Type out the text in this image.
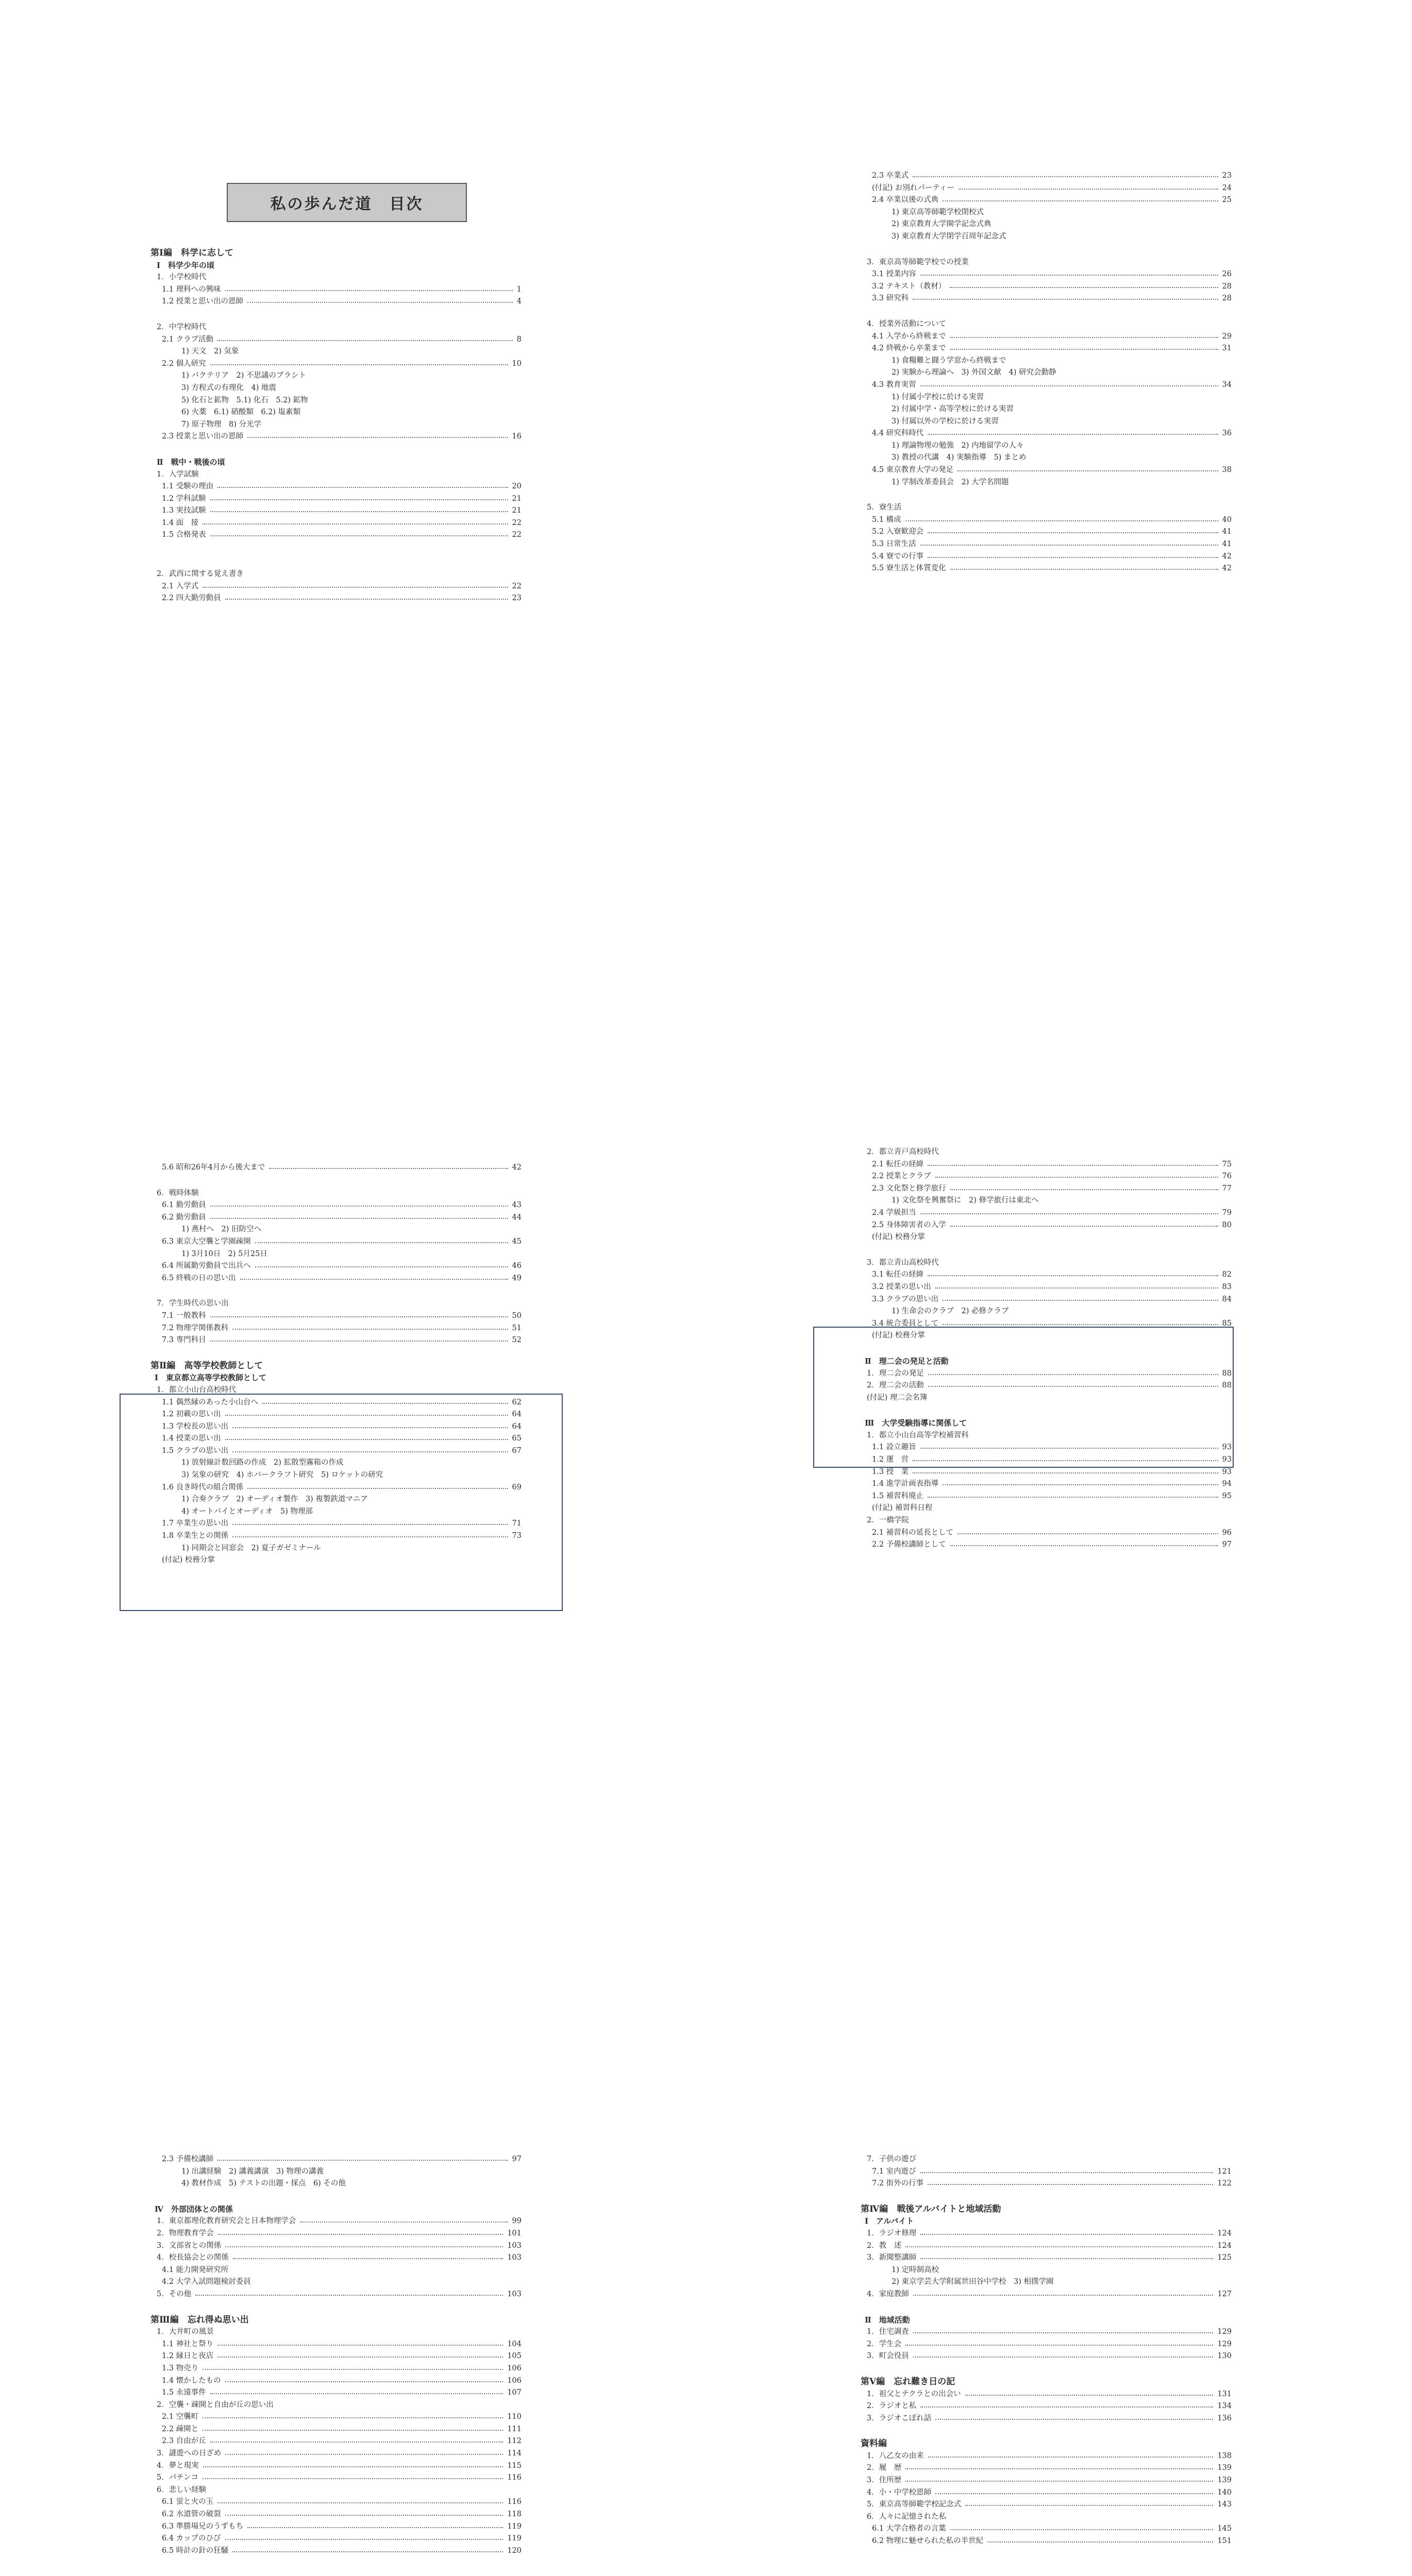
私の歩んだ道　目次
第Ⅰ編　科学に志して
Ⅰ　科学少年の頃
1．小学校時代
1.1 理科への興味	1
1.2 授業と思い出の恩師	4
2．中学校時代
2.1 クラブ活動	8
1) 天文　2) 気象
2.2 個人研究	10
1) バクテリア　2) 不思議のプラシト
3) 方程式の有理化　4) 地震
5) 化石と鉱物　5.1) 化石　5.2) 鉱物
6) 火薬　6.1) 硝酸類　6.2) 塩素類
7) 原子物理　8) 分光学
2.3 授業と思い出の恩師	16
Ⅱ　戦中・戦後の頃
1．入学試験
1.1 受験の理由	20
1.2 学科試験	21
1.3 実技試験	21
1.4 面　接	22
1.5 合格発表	22
2．武西に関する覚え書き
2.1 入学式	22
2.2 四大勤労動員	23
2.3 卒業式	23
(付記) お別れパーティー	24
2.4 卒業以後の式典	25
1) 東京高等師範学校閉校式
2) 東京教育大学開学記念式典
3) 東京教育大学閉学百周年記念式
3．東京高等師範学校での授業
3.1 授業内容	26
3.2 テキスト（教材）	28
3.3 研究科	28
4．授業外活動について
4.1 入学から終戦まで	29
4.2 終戦から卒業まで	31
1) 食糧難と闘う学窓から終戦まで
2) 実験から理論へ　3) 外国文献　4) 研究会動静
4.3 教育実習	34
1) 付属小学校に於ける実習
2) 付属中学・高等学校に於ける実習
3) 付属以外の学校に於ける実習
4.4 研究科時代	36
1) 理論物理の勉強　2) 内地留学の人々
3) 教授の代講　4) 実験指導　5) まとめ
4.5 東京教育大学の発足	38
1) 学制改革委員会　2) 大学名問題
5．寮生活
5.1 構成	40
5.2 入寮歓迎会	41
5.3 日常生活	41
5.4 寮での行事	42
5.5 寮生活と体質変化	42
5.6 昭和26年4月から後大まで	42
6．戦時体験
6.1 勤労動員	43
6.2 勤労動員	44
1) 燕村へ　2) 旧防空へ
6.3 東京大空襲と学園疎開	45
1) 3月10日　2) 5月25日
6.4 所属勤労動員で出兵へ	46
6.5 終戦の日の思い出	49
7．学生時代の思い出
7.1 一般教科	50
7.2 物理学関係教科	51
7.3 専門科目	52
第Ⅱ編　高等学校教師として
Ⅰ　東京都立高等学校教師として
1．都立小山台高校時代
1.1 偶然縁のあった小山台へ	62
1.2 初載の思い出	64
1.3 学校長の思い出	64
1.4 授業の思い出	65
1.5 クラブの思い出	67
1) 放射線計数回路の作成　2) 拡散型霧箱の作成
3) 気象の研究　4) ホバークラフト研究　5) ロケットの研究
1.6 良き時代の組合関係	69
1) 合奏クラブ　2) オーディオ製作　3) 複製鉄道マニア
4) オートバイとオーディオ　5) 物理部
1.7 卒業生の思い出	71
1.8 卒業生との関係	73
1) 同期会と同窓会　2) 夏子ガゼミナール
(付記) 校務分掌
2．都立青戸高校時代
2.1 転任の経緯	75
2.2 授業とクラブ	76
2.3 文化祭と修学旅行	77
1) 文化祭を興奮祭に　2) 修学旅行は東北へ
2.4 学級担当	79
2.5 身体障害者の入学	80
(付記) 校務分掌
3．都立青山高校時代
3.1 転任の経緯	82
3.2 授業の思い出	83
3.3 クラブの思い出	84
1) 生命会のクラブ　2) 必修クラブ
3.4 統合委員として	85
(付記) 校務分掌
Ⅱ　理二会の発足と活動
1．理二会の発足	88
2．理二会の活動	88
(付記) 理二会名簿
Ⅲ　大学受験指導に関係して
1．都立小山台高等学校補習科
1.1 設立趣旨	93
1.2 運　営	93
1.3 授　業	93
1.4 進学計画表指導	94
1.5 補習科廃止	95
(付記) 補習科日程
2．一橋学院
2.1 補習科の延長として	96
2.2 予備校講師として	97
2.3 予備校講師	97
1) 出講経験　2) 講義講演　3) 物理の講義
4) 教材作成　5) テストの出題・採点　6) その他
Ⅳ　外部団体との関係
1．東京都理化教育研究会と日本物理学会	99
2．物理教育学会	101
3．文部省との関係	103
4．校長協会との関係	103
4.1 能力開発研究所
4.2 大学入試問題検討委員
5．その他	103
第Ⅲ編　忘れ得ぬ思い出
1．大井町の風景
1.1 神社と祭り	104
1.2 縁日と夜店	105
1.3 物売り	106
1.4 懐かしたもの	106
1.5 永遠事件	107
2．空襲・疎開と自由が丘の思い出
2.1 空襲町	110
2.2 疎開と	111
2.3 自由が丘	112
3．謎遊への日ざめ	114
4．夢と現実	115
5．パチンコ	116
6．悲しい経験
6.1 蛍と火の玉	116
6.2 水道管の破裂	118
6.3 準勝場兄のうずもち	119
6.4 カップのひび	119
6.5 時計の針の狂騒	120
7．子供の遊び
7.1 室内遊び	121
7.2 街外の行事	122
第Ⅳ編　戦後アルバイトと地域活動
Ⅰ　アルバイト
1．ラジオ修理	124
2．教　述	124
3．新聞整講師	125
1) 定時制高校
2) 東京学芸大学附属世田谷中学校　3) 相撲学園
4．家庭教師	127
Ⅱ　地域活動
1．住宅調査	129
2．学生会	129
3．町会役員	130
第Ⅴ編　忘れ難き日の記
1．祖父とテクラとの出会い	131
2．ラジオと私	134
3．ラジオこぼれ話	136
資料編
1．八乙女の由来	138
2．履　歴	139
3．住所歴	139
4．小・中学校恩師	140
5．東京高等師範学校記念式	143
6．人々に記憶された私
6.1 大学合格者の言葉	145
6.2 物理に魅せられた私の半世紀	151
